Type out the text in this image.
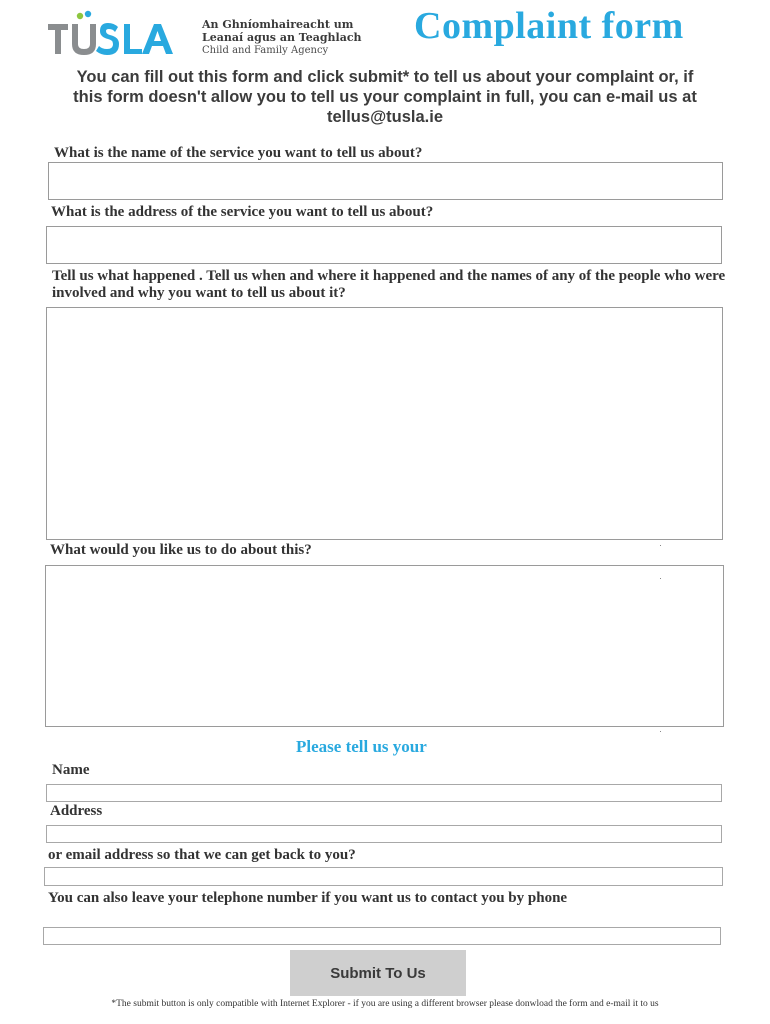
An Ghníomhaireacht um
Leanaí agus an Teaghlach
Child and Family Agency
Complaint form
You can fill out this form and click submit* to tell us about your complaint or, if this form doesn't allow you to tell us your complaint in full, you can e-mail us at tellus@tusla.ie
What is the name of the service you want to tell us about?
What is the address of the service you want to tell us about?
Tell us what happened . Tell us when and where it happened and the names of any of the people who were involved and why you want to tell us about it?
What would you like us to do about this?
Please tell us your
Name
Address
or email address so that we can get back to you?
You can also leave your telephone number if you want us to contact you by phone
Submit To Us
*The submit button is only compatible with Internet Explorer - if you are using a different browser please donwload the form and e-mail it to us
